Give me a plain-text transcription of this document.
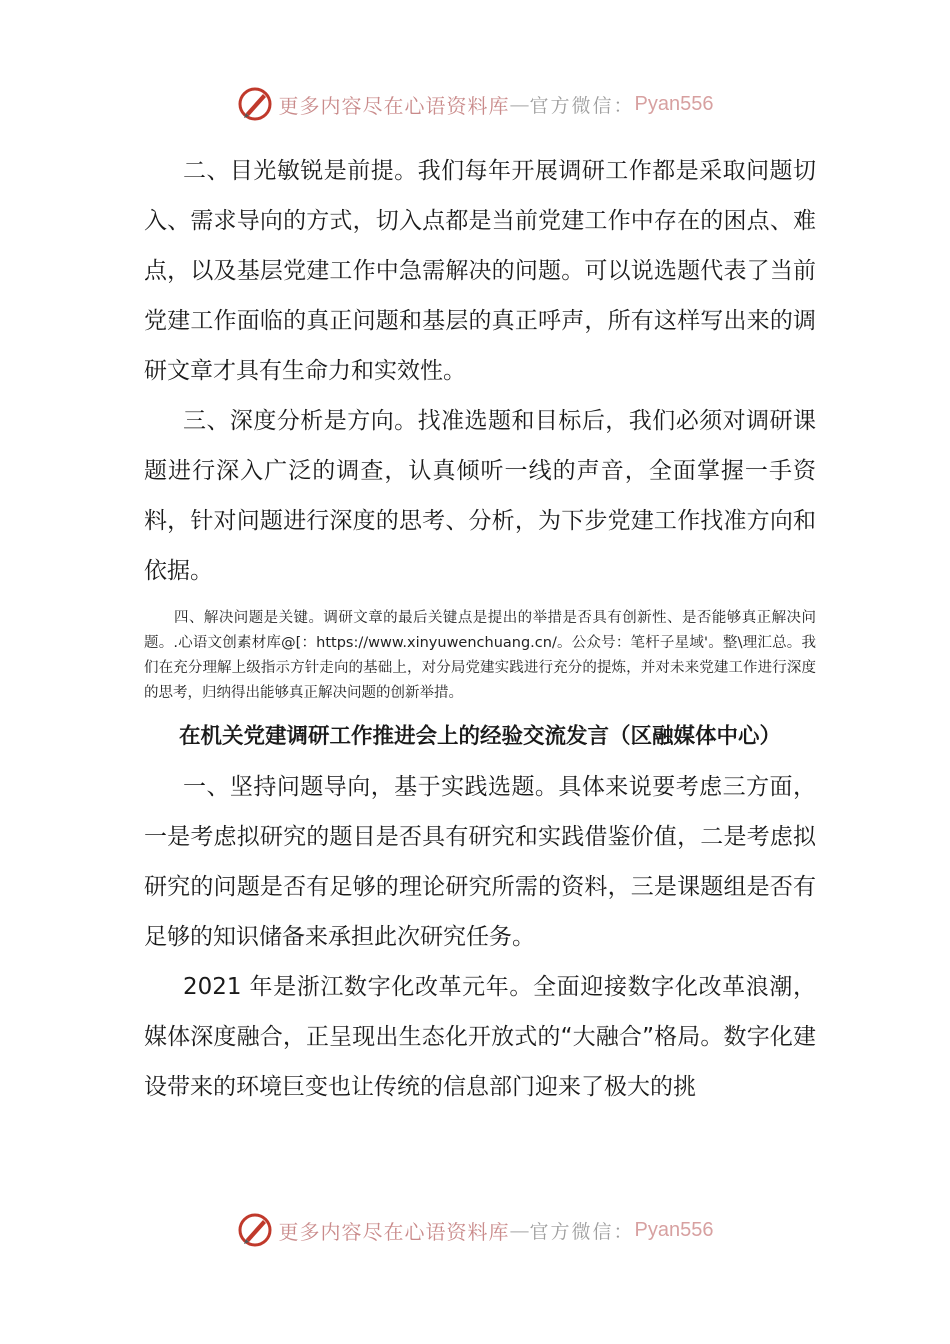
更多内容尽在心语资料库 — 官方微信： Pyan556

二、目光敏锐是前提。我们每年开展调研工作都是采取问题切入、需求导向的方式，切入点都是当前党建工作中存在的困点、难点，以及基层党建工作中急需解决的问题。可以说选题代表了当前党建工作面临的真正问题和基层的真正呼声，所有这样写出来的调研文章才具有生命力和实效性。

三、深度分析是方向。找准选题和目标后，我们必须对调研课题进行深入广泛的调查，认真倾听一线的声音，全面掌握一手资料，针对问题进行深度的思考、分析，为下步党建工作找准方向和依据。

四、解决问题是关键。调研文章的最后关键点是提出的举措是否具有创新性、是否能够真正解决问题。.心语文创素材库@[：https://www.xinyuwenchuang.cn/。公众号：笔杆子星域'。整\理汇总。我们在充分理解上级指示方针走向的基础上，对分局党建实践进行充分的提炼，并对未来党建工作进行深度的思考，归纳得出能够真正解决问题的创新举措。

在机关党建调研工作推进会上的经验交流发言（区融媒体中心）

一、坚持问题导向，基于实践选题。具体来说要考虑三方面，一是考虑拟研究的题目是否具有研究和实践借鉴价值，二是考虑拟研究的问题是否有足够的理论研究所需的资料，三是课题组是否有足够的知识储备来承担此次研究任务。

2021 年是浙江数字化改革元年。全面迎接数字化改革浪潮，媒体深度融合，正呈现出生态化开放式的“大融合”格局。数字化建设带来的环境巨变也让传统的信息部门迎来了极大的挑

更多内容尽在心语资料库 — 官方微信： Pyan556
